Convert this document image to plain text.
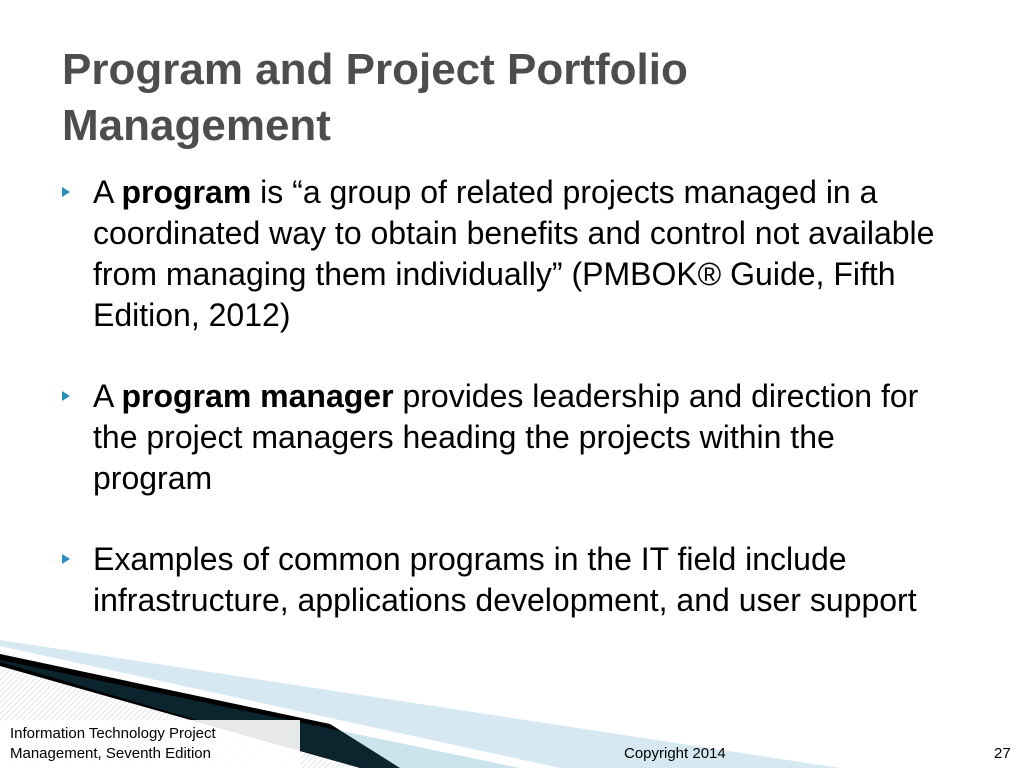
Program and Project Portfolio Management
A program is “a group of related projects managed in a coordinated way to obtain benefits and control not available from managing them individually” (PMBOK® Guide, Fifth Edition, 2012)
A program manager provides leadership and direction for the project managers heading the projects within the program
Examples of common programs in the IT field include infrastructure, applications development, and user support
Information Technology Project Management, Seventh Edition	Copyright 2014	27
